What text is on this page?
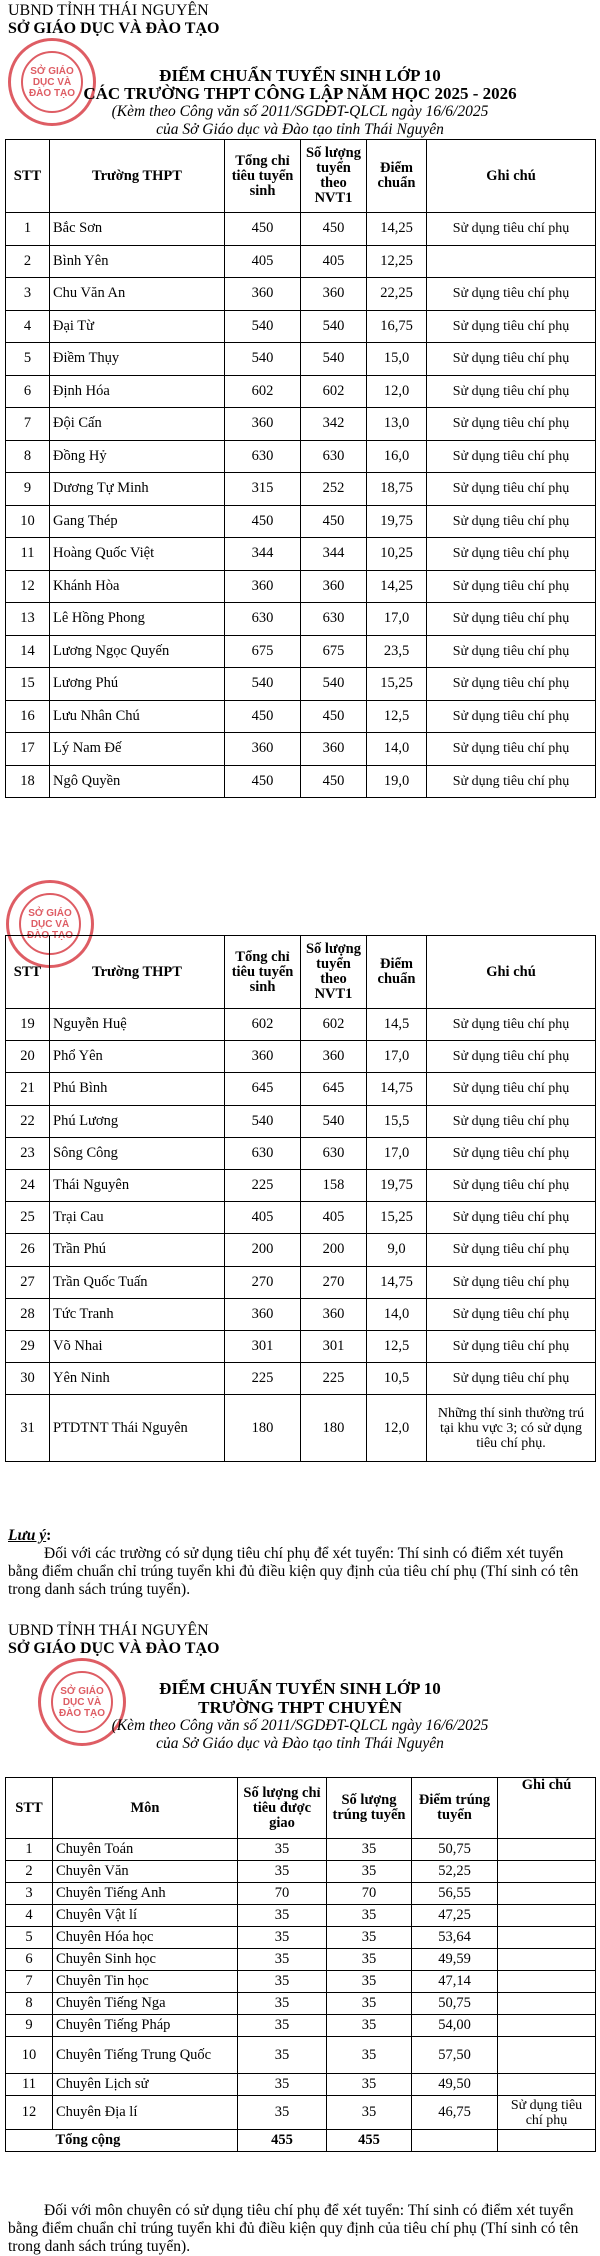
UBND TỈNH THÁI NGUYÊN
SỞ GIÁO DỤC VÀ ĐÀO TẠO
SỞ GIÁO DỤC VÀ ĐÀO TẠO
ĐIỂM CHUẨN TUYỂN SINH LỚP 10
CÁC TRƯỜNG THPT CÔNG LẬP NĂM HỌC 2025 - 2026
(Kèm theo Công văn số 2011/SGDĐT-QLCL ngày 16/6/2025
của Sở Giáo dục và Đào tạo tỉnh Thái Nguyên
STT	Trường THPT	Tổng chỉ tiêu tuyển sinh	Số lượng tuyển theo NVT1	Điểm chuẩn	Ghi chú
1	Bắc Sơn	450	450	14,25	Sử dụng tiêu chí phụ
2	Bình Yên	405	405	12,25	
3	Chu Văn An	360	360	22,25	Sử dụng tiêu chí phụ
4	Đại Từ	540	540	16,75	Sử dụng tiêu chí phụ
5	Điềm Thụy	540	540	15,0	Sử dụng tiêu chí phụ
6	Định Hóa	602	602	12,0	Sử dụng tiêu chí phụ
7	Đội Cấn	360	342	13,0	Sử dụng tiêu chí phụ
8	Đồng Hỷ	630	630	16,0	Sử dụng tiêu chí phụ
9	Dương Tự Minh	315	252	18,75	Sử dụng tiêu chí phụ
10	Gang Thép	450	450	19,75	Sử dụng tiêu chí phụ
11	Hoàng Quốc Việt	344	344	10,25	Sử dụng tiêu chí phụ
12	Khánh Hòa	360	360	14,25	Sử dụng tiêu chí phụ
13	Lê Hồng Phong	630	630	17,0	Sử dụng tiêu chí phụ
14	Lương Ngọc Quyến	675	675	23,5	Sử dụng tiêu chí phụ
15	Lương Phú	540	540	15,25	Sử dụng tiêu chí phụ
16	Lưu Nhân Chú	450	450	12,5	Sử dụng tiêu chí phụ
17	Lý Nam Đế	360	360	14,0	Sử dụng tiêu chí phụ
18	Ngô Quyền	450	450	19,0	Sử dụng tiêu chí phụ
SỞ GIÁO DỤC VÀ ĐÀO TẠO
STT	Trường THPT	Tổng chỉ tiêu tuyển sinh	Số lượng tuyển theo NVT1	Điểm chuẩn	Ghi chú
19	Nguyễn Huệ	602	602	14,5	Sử dụng tiêu chí phụ
20	Phổ Yên	360	360	17,0	Sử dụng tiêu chí phụ
21	Phú Bình	645	645	14,75	Sử dụng tiêu chí phụ
22	Phú Lương	540	540	15,5	Sử dụng tiêu chí phụ
23	Sông Công	630	630	17,0	Sử dụng tiêu chí phụ
24	Thái Nguyên	225	158	19,75	Sử dụng tiêu chí phụ
25	Trại Cau	405	405	15,25	Sử dụng tiêu chí phụ
26	Trần Phú	200	200	9,0	Sử dụng tiêu chí phụ
27	Trần Quốc Tuấn	270	270	14,75	Sử dụng tiêu chí phụ
28	Tức Tranh	360	360	14,0	Sử dụng tiêu chí phụ
29	Võ Nhai	301	301	12,5	Sử dụng tiêu chí phụ
30	Yên Ninh	225	225	10,5	Sử dụng tiêu chí phụ
31	PTDTNT Thái Nguyên	180	180	12,0	Những thí sinh thường trú tại khu vực 3; có sử dụng tiêu chí phụ.
Lưu ý:
Đối với các trường có sử dụng tiêu chí phụ để xét tuyển: Thí sinh có điểm xét tuyển bằng điểm chuẩn chỉ trúng tuyển khi đủ điều kiện quy định của tiêu chí phụ (Thí sinh có tên trong danh sách trúng tuyển).
UBND TỈNH THÁI NGUYÊN
SỞ GIÁO DỤC VÀ ĐÀO TẠO
SỞ GIÁO DỤC VÀ ĐÀO TẠO
ĐIỂM CHUẨN TUYỂN SINH LỚP 10
TRƯỜNG THPT CHUYÊN
(Kèm theo Công văn số 2011/SGDĐT-QLCL ngày 16/6/2025
của Sở Giáo dục và Đào tạo tỉnh Thái Nguyên
STT	Môn	Số lượng chỉ tiêu được giao	Số lượng trúng tuyển	Điểm trúng tuyển	Ghi chú
1	Chuyên Toán	35	35	50,75	
2	Chuyên Văn	35	35	52,25	
3	Chuyên Tiếng Anh	70	70	56,55	
4	Chuyên Vật lí	35	35	47,25	
5	Chuyên Hóa học	35	35	53,64	
6	Chuyên Sinh học	35	35	49,59	
7	Chuyên Tin học	35	35	47,14	
8	Chuyên Tiếng Nga	35	35	50,75	
9	Chuyên Tiếng Pháp	35	35	54,00	
10	Chuyên Tiếng Trung Quốc	35	35	57,50	
11	Chuyên Lịch sử	35	35	49,50	
12	Chuyên Địa lí	35	35	46,75	Sử dụng tiêu chí phụ
	Tổng cộng	455	455		
Đối với môn chuyên có sử dụng tiêu chí phụ để xét tuyển: Thí sinh có điểm xét tuyển bằng điểm chuẩn chỉ trúng tuyển khi đủ điều kiện quy định của tiêu chí phụ (Thí sinh có tên trong danh sách trúng tuyển).
